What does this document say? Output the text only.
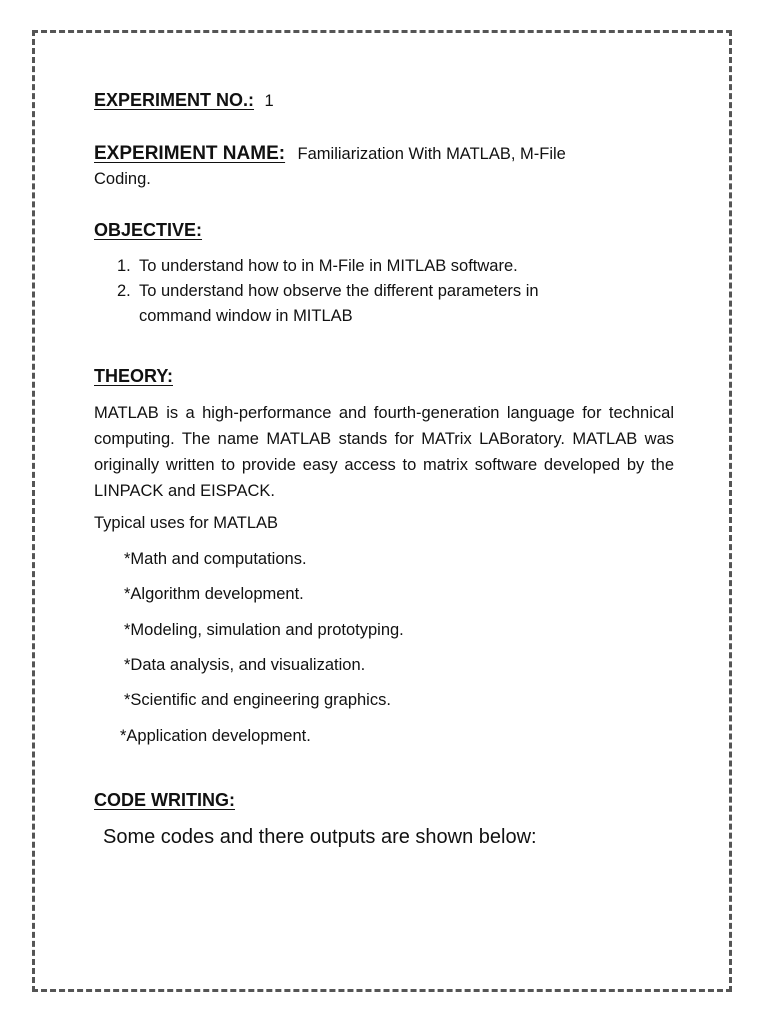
EXPERIMENT NO.: 1
EXPERIMENT NAME: Familiarization With MATLAB, M-File
Coding.
OBJECTIVE:
1. To understand how to in M-File in MITLAB software.
2. To understand how observe the different parameters in
command window in MITLAB
THEORY:
MATLAB is a high-performance and fourth-generation language for technical computing. The name MATLAB stands for MATrix LABoratory. MATLAB was originally written to provide easy access to matrix software developed by the LINPACK and EISPACK.
Typical uses for MATLAB
*Math and computations.
*Algorithm development.
*Modeling, simulation and prototyping.
*Data analysis, and visualization.
*Scientific and engineering graphics.
*Application development.
CODE WRITING:
Some codes and there outputs are shown below:
